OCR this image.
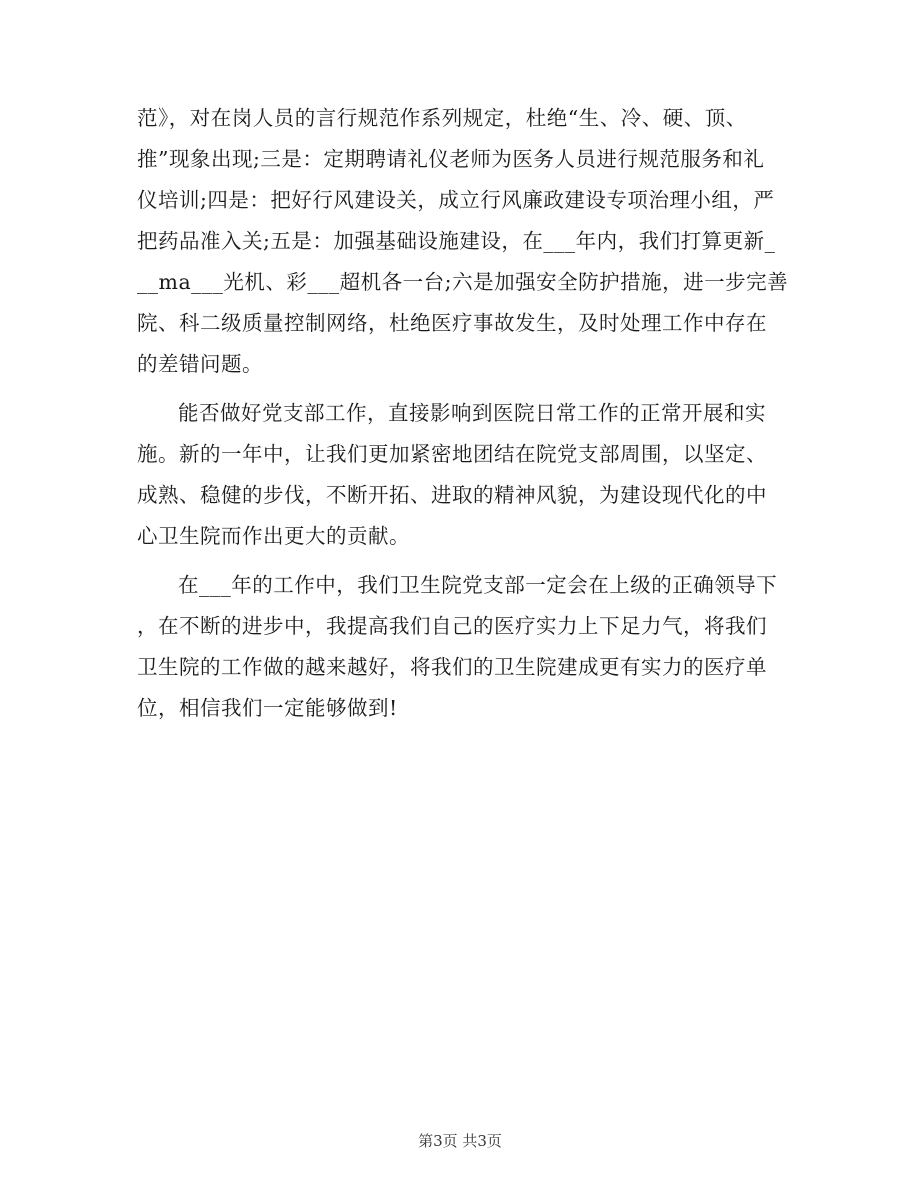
范》，对在岗人员的言行规范作系列规定，杜绝“生、冷、硬、顶、
推”现象出现;三是：定期聘请礼仪老师为医务人员进行规范服务和礼
仪培训;四是：把好行风建设关，成立行风廉政建设专项治理小组，严
把药品准入关;五是：加强基础设施建设，在___年内，我们打算更新_
__ma___光机、彩___超机各一台;六是加强安全防护措施，进一步完善
院、科二级质量控制网络，杜绝医疗事故发生，及时处理工作中存在
的差错问题。
能否做好党支部工作，直接影响到医院日常工作的正常开展和实
施。新的一年中，让我们更加紧密地团结在院党支部周围，以坚定、
成熟、稳健的步伐，不断开拓、进取的精神风貌，为建设现代化的中
心卫生院而作出更大的贡献。
在___年的工作中，我们卫生院党支部一定会在上级的正确领导下
，在不断的进步中，我提高我们自己的医疗实力上下足力气，将我们
卫生院的工作做的越来越好，将我们的卫生院建成更有实力的医疗单
位，相信我们一定能够做到!
第3页 共3页
